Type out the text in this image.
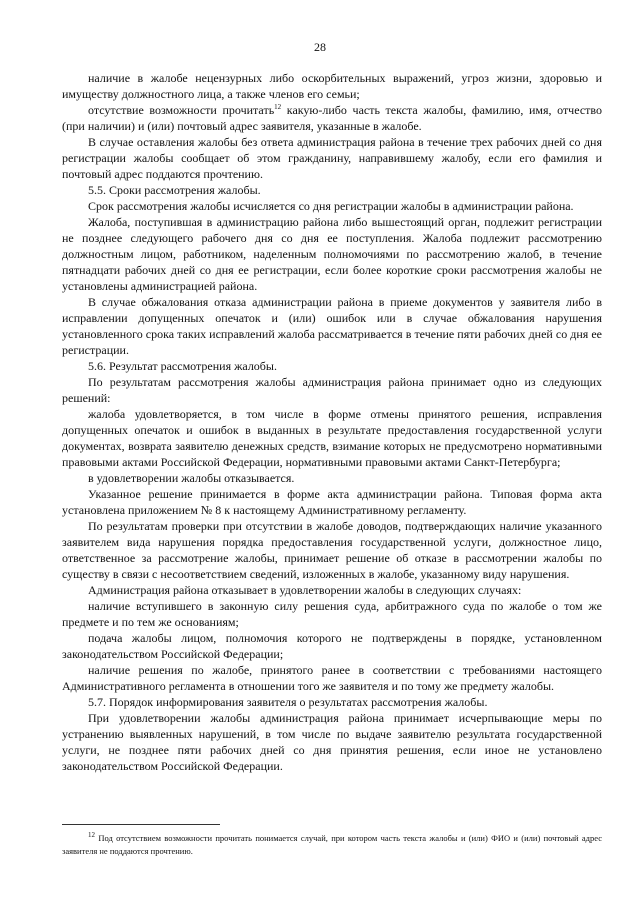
28

наличие в жалобе нецензурных либо оскорбительных выражений, угроз жизни, здоровью и имуществу должностного лица, а также членов его семьи;

отсутствие возможности прочитать$^{12}$ какую-либо часть текста жалобы, фамилию, имя, отчество (при наличии) и (или) почтовый адрес заявителя, указанные в жалобе.

В случае оставления жалобы без ответа администрация района в течение трех рабочих дней со дня регистрации жалобы сообщает об этом гражданину, направившему жалобу, если его фамилия и почтовый адрес поддаются прочтению.

5.5. Сроки рассмотрения жалобы.

Срок рассмотрения жалобы исчисляется со дня регистрации жалобы в администрации района.

Жалоба, поступившая в администрацию района либо вышестоящий орган, подлежит регистрации не позднее следующего рабочего дня со дня ее поступления. Жалоба подлежит рассмотрению должностным лицом, работником, наделенным полномочиями по рассмотрению жалоб, в течение пятнадцати рабочих дней со дня ее регистрации, если более короткие сроки рассмотрения жалобы не установлены администрацией района.

В случае обжалования отказа администрации района в приеме документов у заявителя либо в исправлении допущенных опечаток и (или) ошибок или в случае обжалования нарушения установленного срока таких исправлений жалоба рассматривается в течение пяти рабочих дней со дня ее регистрации.

5.6. Результат рассмотрения жалобы.

По результатам рассмотрения жалобы администрация района принимает одно из следующих решений:

жалоба удовлетворяется, в том числе в форме отмены принятого решения, исправления допущенных опечаток и ошибок в выданных в результате предоставления государственной услуги документах, возврата заявителю денежных средств, взимание которых не предусмотрено нормативными правовыми актами Российской Федерации, нормативными правовыми актами Санкт-Петербурга;

в удовлетворении жалобы отказывается.

Указанное решение принимается в форме акта администрации района. Типовая форма акта установлена приложением № 8 к настоящему Административному регламенту.

По результатам проверки при отсутствии в жалобе доводов, подтверждающих наличие указанного заявителем вида нарушения порядка предоставления государственной услуги, должностное лицо, ответственное за рассмотрение жалобы, принимает решение об отказе в рассмотрении жалобы по существу в связи с несоответствием сведений, изложенных в жалобе, указанному виду нарушения.

Администрация района отказывает в удовлетворении жалобы в следующих случаях:

наличие вступившего в законную силу решения суда, арбитражного суда по жалобе о том же предмете и по тем же основаниям;

подача жалобы лицом, полномочия которого не подтверждены в порядке, установленном законодательством Российской Федерации;

наличие решения по жалобе, принятого ранее в соответствии с требованиями настоящего Административного регламента в отношении того же заявителя и по тому же предмету жалобы.

5.7. Порядок информирования заявителя о результатах рассмотрения жалобы.

При удовлетворении жалобы администрация района принимает исчерпывающие меры по устранению выявленных нарушений, в том числе по выдаче заявителю результата государственной услуги, не позднее пяти рабочих дней со дня принятия решения, если иное не установлено законодательством Российской Федерации.

$^{12}$ Под отсутствием возможности прочитать понимается случай, при котором часть текста жалобы и (или) ФИО и (или) почтовый адрес заявителя не поддаются прочтению.
